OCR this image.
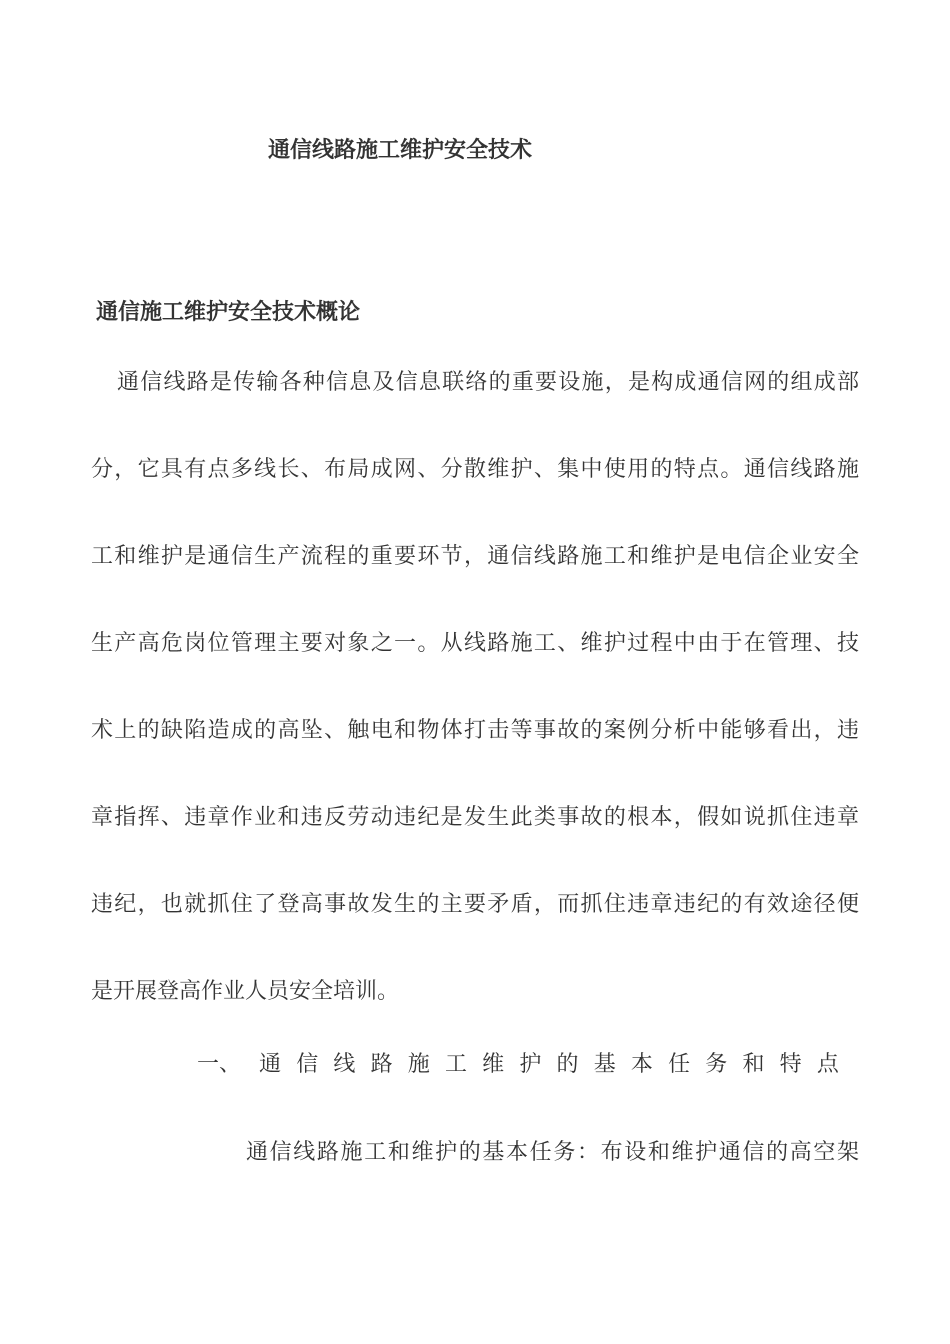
通信线路施工维护安全技术
通信施工维护安全技术概论
通信线路是传输各种信息及信息联络的重要设施，是构成通信网的组成部
分，它具有点多线长、布局成网、分散维护、集中使用的特点。通信线路施
工和维护是通信生产流程的重要环节，通信线路施工和维护是电信企业安全
生产高危岗位管理主要对象之一。从线路施工、维护过程中由于在管理、技
术上的缺陷造成的高坠、触电和物体打击等事故的案例分析中能够看出，违
章指挥、违章作业和违反劳动违纪是发生此类事故的根本，假如说抓住违章
违纪，也就抓住了登高事故发生的主要矛盾，而抓住违章违纪的有效途径便
是开展登高作业人员安全培训。
一、 通 信 线 路 施 工 维 护 的 基 本 任 务 和 特 点
通信线路施工和维护的基本任务：布设和维护通信的高空架
